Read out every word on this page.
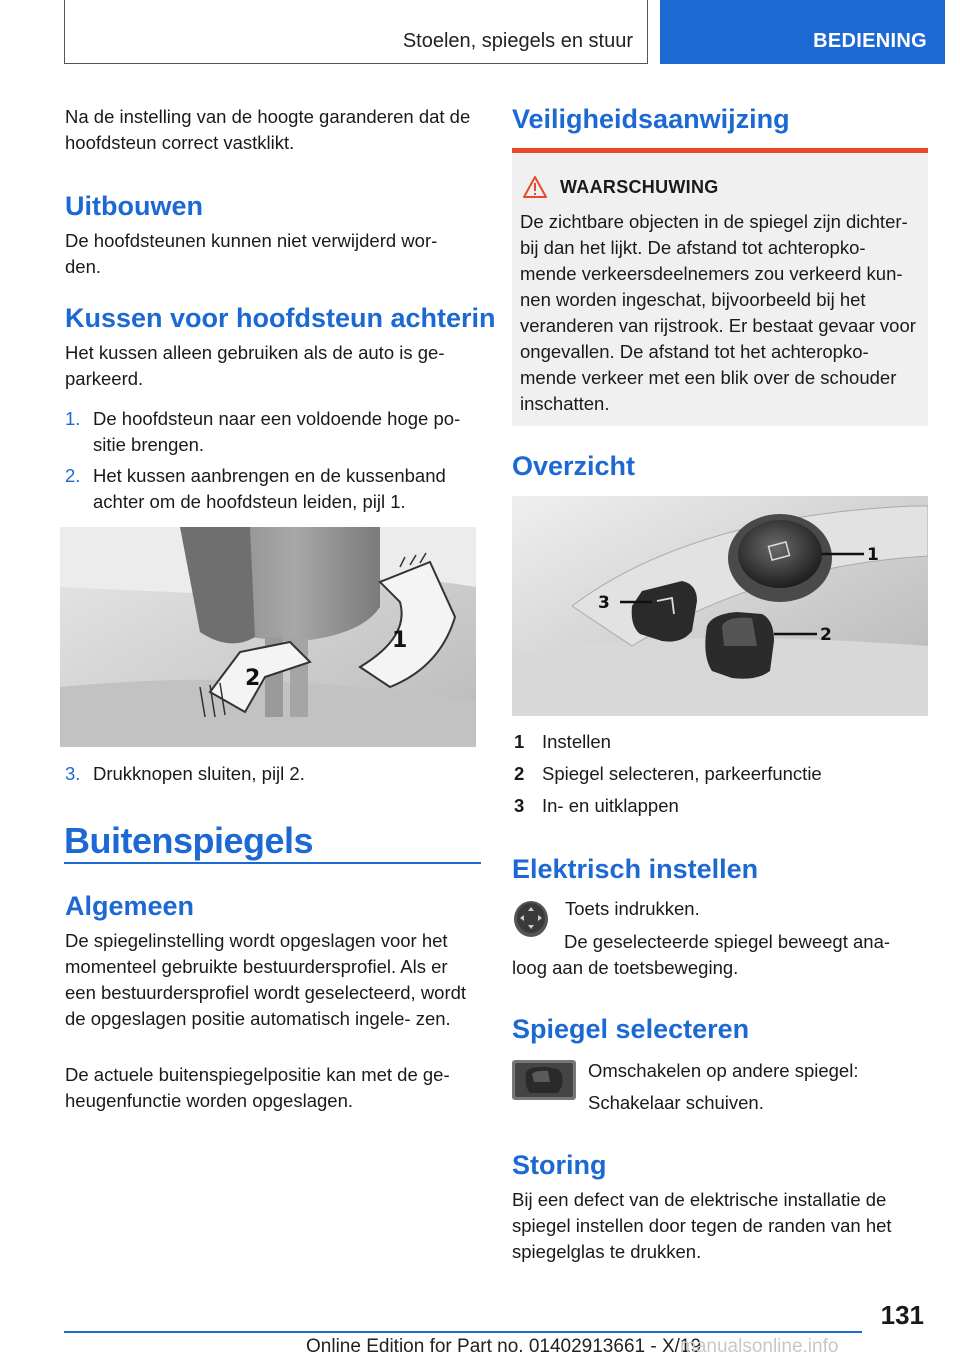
Stoelen, spiegels en stuur	BEDIENING

Na de instelling van de hoogte garanderen dat de hoofdsteun correct vastklikt.

Uitbouwen

De hoofdsteunen kunnen niet verwijderd wor- den.

Kussen voor hoofdsteun achterin

Het kussen alleen gebruiken als de auto is ge- parkeerd.

1. De hoofdsteun naar een voldoende hoge po- sitie brengen.
2. Het kussen aanbrengen en de kussenband achter om de hoofdsteun leiden, pijl 1.
1
2
3. Drukknopen sluiten, pijl 2.
Buitenspiegels
Algemeen

De spiegelinstelling wordt opgeslagen voor het momenteel gebruikte bestuurdersprofiel. Als er een bestuurdersprofiel wordt geselecteerd, wordt de opgeslagen positie automatisch ingele- zen.

De actuele buitenspiegelpositie kan met de ge- heugenfunctie worden opgeslagen.

Veiligheidsaanwijzing
WAARSCHUWING
De zichtbare objecten in de spiegel zijn dichter- bij dan het lijkt. De afstand tot achteropko- mende verkeersdeelnemers zou verkeerd kun- nen worden ingeschat, bijvoorbeeld bij het veranderen van rijstrook. Er bestaat gevaar voor ongevallen. De afstand tot het achteropko- mende verkeer met een blik over de schouder inschatten.
Overzicht
1
2
3
1 Instellen
2 Spiegel selecteren, parkeerfunctie
3 In- en uitklappen
Elektrisch instellen

Toets indrukken.

De geselecteerde spiegel beweegt ana- loog aan de toetsbeweging.

Spiegel selecteren

Omschakelen op andere spiegel:

Schakelaar schuiven.

Storing

Bij een defect van de elektrische installatie de spiegel instellen door tegen de randen van het spiegelglas te drukken.

131
Online Edition for Part no. 01402913661 - X/19
manualsonline.info
